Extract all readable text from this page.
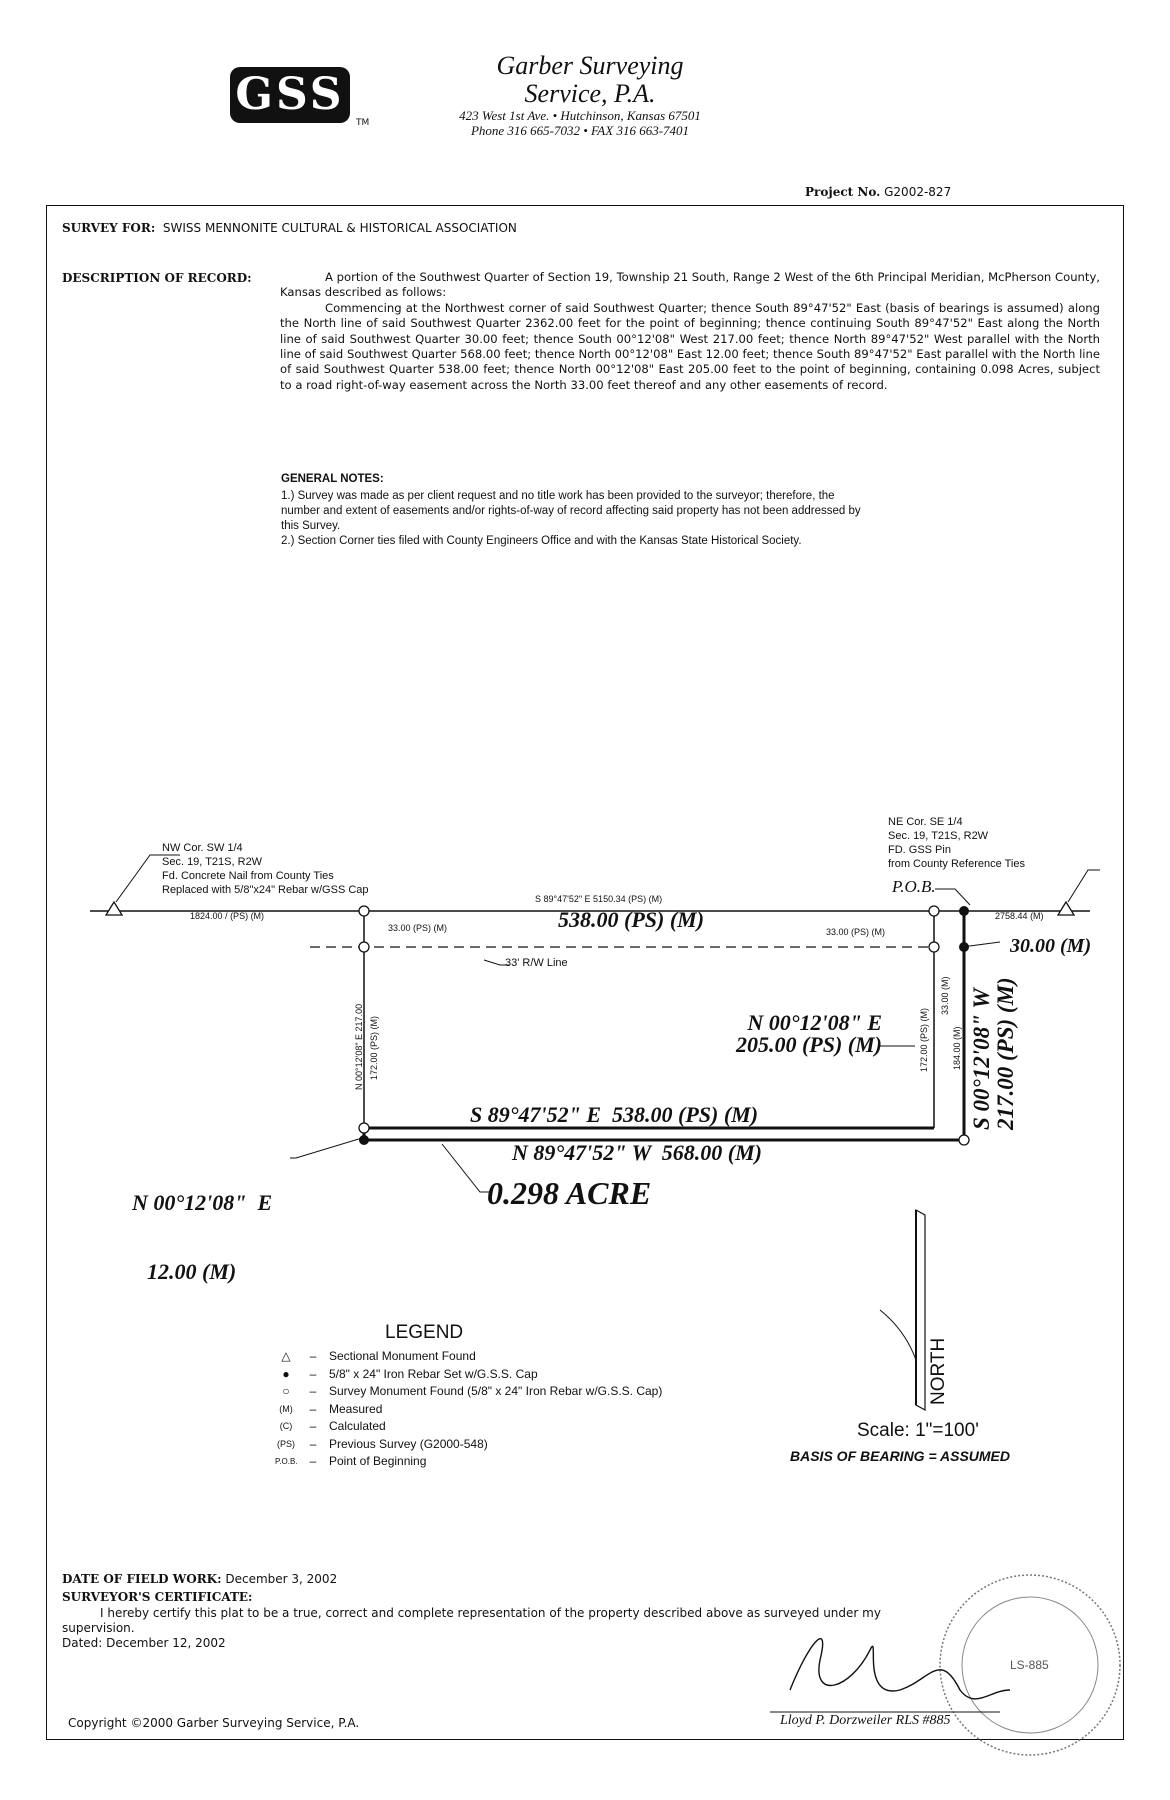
GSS
TM
Garber Surveying
Service, P.A.
423 West 1st Ave. • Hutchinson, Kansas 67501
Phone 316 665-7032 • FAX 316 663-7401
Project No. G2002-827
SURVEY FOR: SWISS MENNONITE CULTURAL & HISTORICAL ASSOCIATION
DESCRIPTION OF RECORD:	A portion of the Southwest Quarter of Section 19, Township 21 South, Range 2 West of the 6th Principal Meridian, McPherson County, Kansas described as follows:
Commencing at the Northwest corner of said Southwest Quarter; thence South 89°47'52" East (basis of bearings is assumed) along the North line of said Southwest Quarter 2362.00 feet for the point of beginning; thence continuing South 89°47'52" East along the North line of said Southwest Quarter 30.00 feet; thence South 00°12'08" West 217.00 feet; thence North 89°47'52" West parallel with the North line of said Southwest Quarter 568.00 feet; thence North 00°12'08" East 12.00 feet; thence South 89°47'52" East parallel with the North line of said Southwest Quarter 538.00 feet; thence North 00°12'08" East 205.00 feet to the point of beginning, containing 0.098 Acres, subject to a road right-of-way easement across the North 33.00 feet thereof and any other easements of record.
GENERAL NOTES:
1.) Survey was made as per client request and no title work has been provided to the surveyor; therefore, the number and extent of easements and/or rights-of-way of record affecting said property has not been addressed by this Survey.
2.) Section Corner ties filed with County Engineers Office and with the Kansas State Historical Society.
NW Cor. SW 1/4
Sec. 19, T21S, R2W
Fd. Concrete Nail from County Ties
Replaced with 5/8"x24" Rebar w/GSS Cap
NE Cor. SE 1/4
Sec. 19, T21S, R2W
FD. GSS Pin
from County Reference Ties
P.O.B.
S 89°47'52" E 5150.34 (PS) (M)
538.00 (PS) (M)
1824.00 / (PS) (M)	2758.44 (M)
33.00 (PS) (M)	33.00 (PS) (M)
33' R/W Line
30.00 (M)
N 00°12'08" E 217.00 172.00 (PS) (M)	172.00 (PS) (M)
33.00 (M)
184.00 (M)
N 00°12'08" E
205.00 (PS) (M)	S 00°12'08" W 217.00 (PS) (M)
S 89°47'52" E  538.00 (PS) (M)
N 89°47'52" W  568.00 (M)

N 00°12'08"  E

12.00 (M)

0.298 ACRE
NORTH
LEGEND
△	–	Sectional Monument Found
●	–	5/8" x 24" Iron Rebar Set w/G.S.S. Cap
○	–	Survey Monument Found (5/8" x 24" Iron Rebar w/G.S.S. Cap)
(M)	–	Measured
(C)	–	Calculated
(PS)	–	Previous Survey (G2000-548)
P.O.B.	–	Point of Beginning
Scale: 1"=100'
BASIS OF BEARING = ASSUMED
DATE OF FIELD WORK: December 3, 2002
SURVEYOR'S CERTIFICATE:
I hereby certify this plat to be a true, correct and complete representation of the property described above as surveyed under my
supervision.
Dated: December 12, 2002
Copyright ©2000 Garber Surveying Service, P.A.	Lloyd P. Dorzweiler RLS #885
LS-885
